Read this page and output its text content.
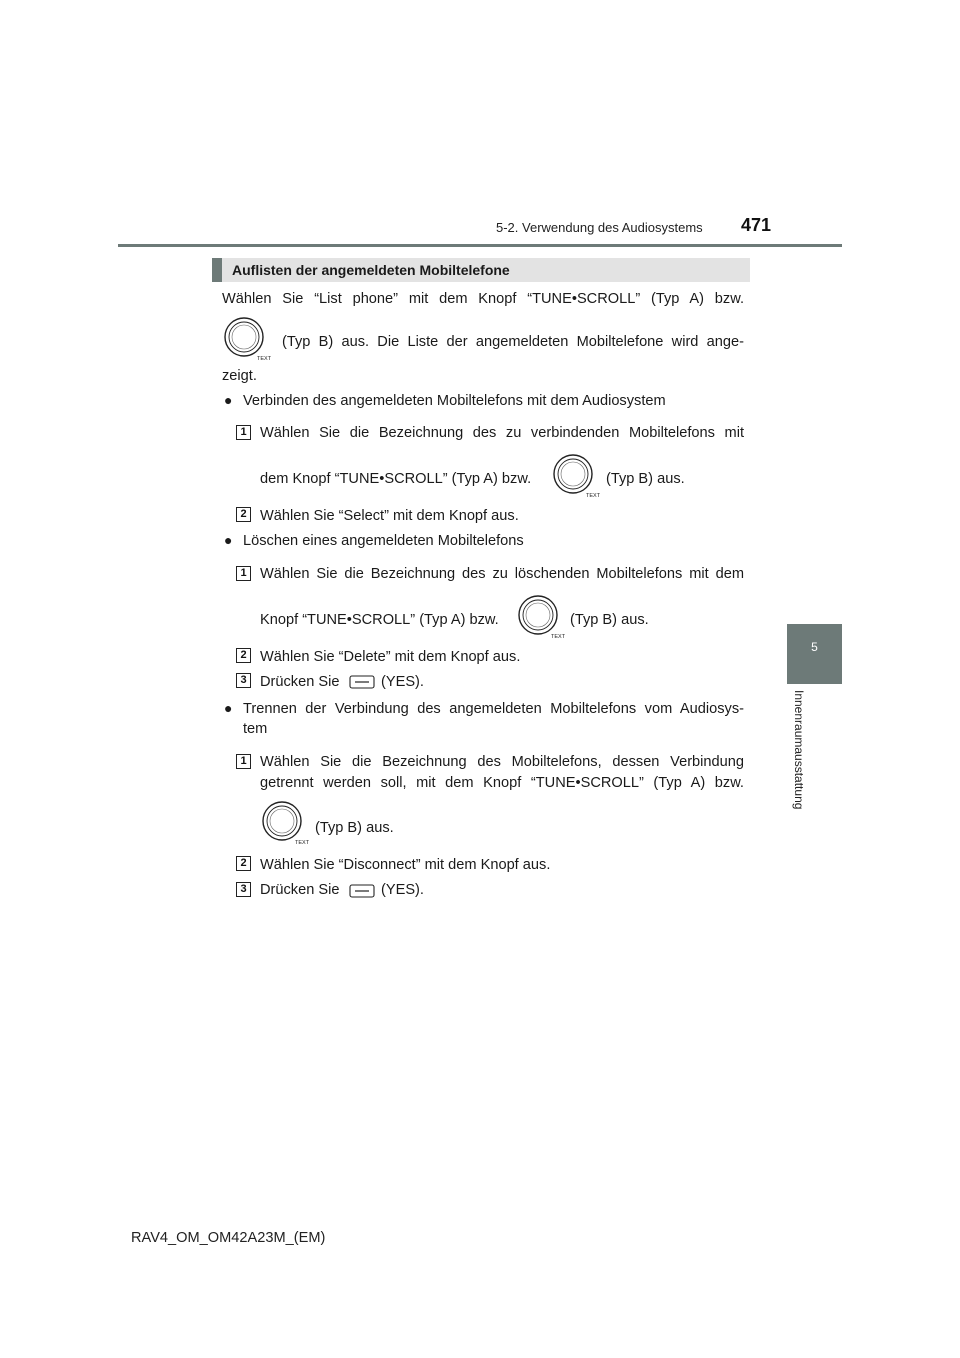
5-2. Verwendung des Audiosystems 471
5
Innenraumausstattung
Auflisten der angemeldeten Mobiltelefone
Wählen Sie “List phone” mit dem Knopf “TUNE•SCROLL” (Typ A) bzw.
TEXT
(Typ B) aus. Die Liste der angemeldeten Mobiltelefone wird ange-
zeigt.
● Verbinden des angemeldeten Mobiltelefons mit dem Audiosystem
1 Wählen Sie die Bezeichnung des zu verbindenden Mobiltelefons mit
dem Knopf “TUNE•SCROLL” (Typ A) bzw.
TEXT
(Typ B) aus.
2 Wählen Sie “Select” mit dem Knopf aus.
● Löschen eines angemeldeten Mobiltelefons
1 Wählen Sie die Bezeichnung des zu löschenden Mobiltelefons mit dem
Knopf “TUNE•SCROLL” (Typ A) bzw.
TEXT
(Typ B) aus.
2 Wählen Sie “Delete” mit dem Knopf aus.
3 Drücken Sie	(YES).
● Trennen der Verbindung des angemeldeten Mobiltelefons vom Audiosys-
tem
1 Wählen Sie die Bezeichnung des Mobiltelefons, dessen Verbindung
getrennt werden soll, mit dem Knopf “TUNE•SCROLL” (Typ A) bzw.
TEXT
(Typ B) aus.
2 Wählen Sie “Disconnect” mit dem Knopf aus.
3 Drücken Sie	(YES).
RAV4_OM_OM42A23M_(EM)
